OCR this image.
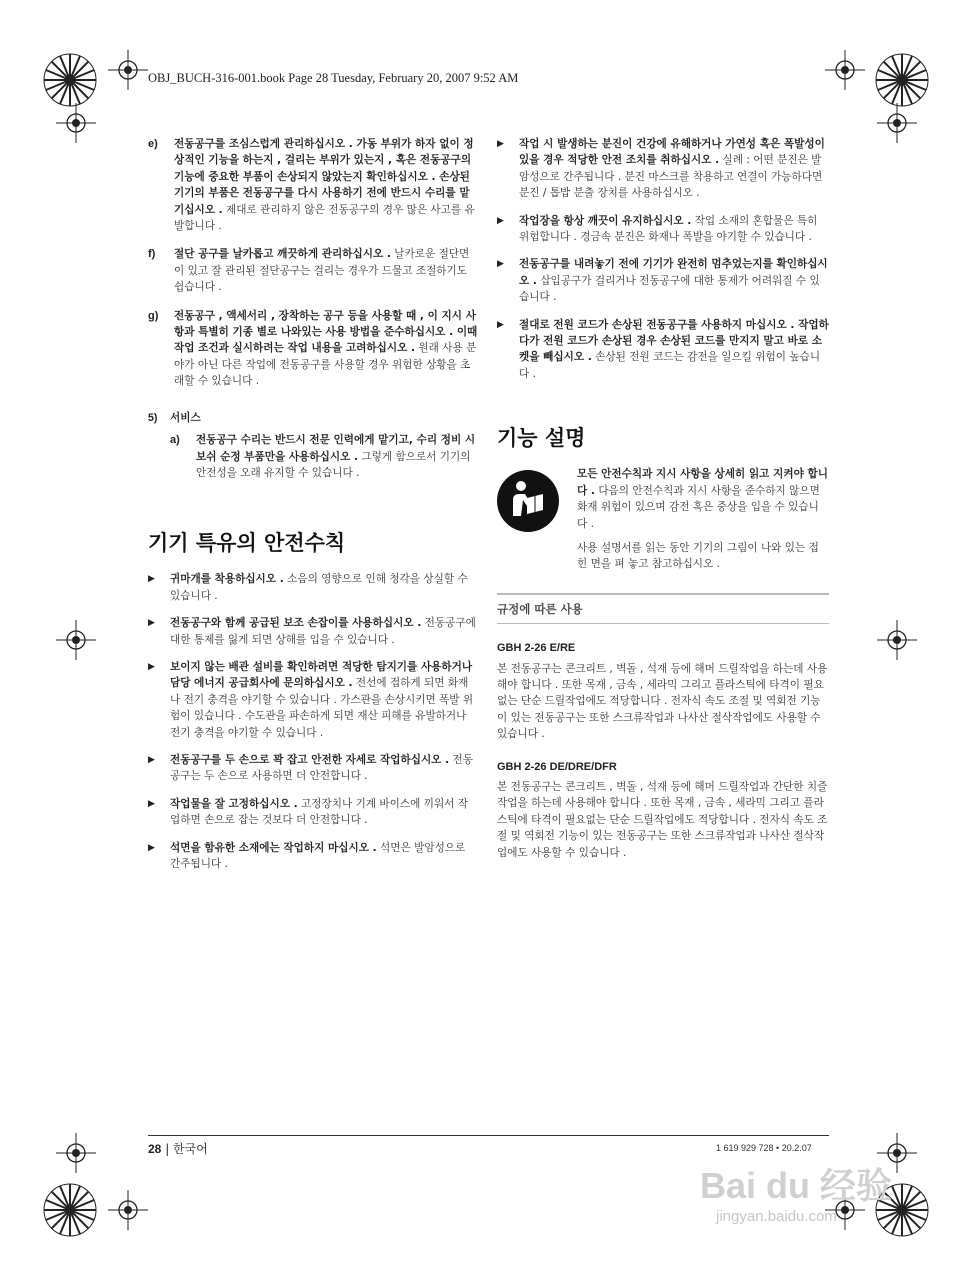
OBJ_BUCH-316-001.book Page 28 Tuesday, February 20, 2007 9:52 AM
e) 전동공구를 조심스럽게 관리하십시오 . 가동 부위가 하자 없이 정상적인 기능을 하는지 , 걸리는 부위가 있는지 , 혹은 전동공구의 기능에 중요한 부품이 손상되지 않았는지 확인하십시오 . 손상된 기기의 부품은 전동공구를 다시 사용하기 전에 반드시 수리를 맡기십시오 . 제대로 관리하지 않은 전동공구의 경우 많은 사고를 유발합니다 .
f) 절단 공구를 날카롭고 깨끗하게 관리하십시오 . 날카로운 절단면이 있고 잘 관리된 절단공구는 걸리는 경우가 드물고 조절하기도 쉽습니다 .
g) 전동공구 , 액세서리 , 장착하는 공구 등을 사용할 때 , 이 지시 사항과 특별히 기종 별로 나와있는 사용 방법을 준수하십시오 . 이때 작업 조건과 실시하려는 작업 내용을 고려하십시오 . 원래 사용 분야가 아닌 다른 작업에 전동공구를 사용할 경우 위험한 상황을 초래할 수 있습니다 .
5) 서비스
a) 전동공구 수리는 반드시 전문 인력에게 맡기고, 수리 정비 시 보쉬 순정 부품만을 사용하십시오 . 그렇게 함으로서 기기의 안전성을 오래 유지할 수 있습니다 .
기기 특유의 안전수칙
▶ 귀마개를 착용하십시오 . 소음의 영향으로 인해 청각을 상실할 수 있습니다 .
▶ 전동공구와 함께 공급된 보조 손잡이를 사용하십시오 . 전동공구에 대한 통제를 잃게 되면 상해를 입을 수 있습니다 .
▶ 보이지 않는 배관 설비를 확인하려면 적당한 탐지기를 사용하거나 담당 에너지 공급회사에 문의하십시오 . 전선에 접하게 되면 화재나 전기 충격을 야기할 수 있습니다 . 가스관을 손상시키면 폭발 위험이 있습니다 . 수도관을 파손하게 되면 재산 피해를 유발하거나 전기 충격을 야기할 수 있습니다 .
▶ 전동공구를 두 손으로 꽉 잡고 안전한 자세로 작업하십시오 . 전동공구는 두 손으로 사용하면 더 안전합니다 .
▶ 작업물을 잘 고정하십시오 . 고정장치나 기계 바이스에 끼워서 작업하면 손으로 잡는 것보다 더 안전합니다 .
▶ 석면을 함유한 소재에는 작업하지 마십시오 . 석면은 발암성으로 간주됩니다 .
▶ 작업 시 발생하는 분진이 건강에 유해하거나 가연성 혹은 폭발성이 있을 경우 적당한 안전 조치를 취하십시오 . 실례 : 어떤 분진은 발암성으로 간주됩니다 . 분진 마스크를 착용하고 연결이 가능하다면 분진 / 톱밥 분출 장치를 사용하십시오 .
▶ 작업장을 항상 깨끗이 유지하십시오 . 작업 소재의 혼합물은 특히 위험합니다 . 경금속 분진은 화재나 폭발을 야기할 수 있습니다 .
▶ 전동공구를 내려놓기 전에 기기가 완전히 멈추었는지를 확인하십시오 . 삽입공구가 걸리거나 전동공구에 대한 통제가 어려워질 수 있습니다 .
▶ 절대로 전원 코드가 손상된 전동공구를 사용하지 마십시오 . 작업하다가 전원 코드가 손상된 경우 손상된 코드를 만지지 말고 바로 소켓을 빼십시오 . 손상된 전원 코드는 감전을 일으킬 위험이 높습니다 .
기능 설명
모든 안전수칙과 지시 사항을 상세히 읽고 지켜야 합니다 . 다음의 안전수칙과 지시 사항을 준수하지 않으면 화재 위험이 있으며 감전 혹은 중상을 입을 수 있습니다 .
사용 설명서를 읽는 동안 기기의 그림이 나와 있는 접힌 면을 펴 놓고 참고하십시오 .
규정에 따른 사용
GBH 2-26 E/RE
본 전동공구는 콘크리트 , 벽돌 , 석재 등에 해머 드릴작업을 하는데 사용해야 합니다 . 또한 목재 , 금속 , 세라믹 그리고 플라스틱에 타격이 필요없는 단순 드릴작업에도 적당합니다 . 전자식 속도 조절 및 역회전 기능이 있는 전동공구는 또한 스크류작업과 나사산 절삭작업에도 사용할 수 있습니다 .
GBH 2-26 DE/DRE/DFR
본 전동공구는 콘크리트 , 벽돌 , 석재 등에 해머 드릴작업과 간단한 치즐작업을 하는데 사용해야 합니다 . 또한 목재 , 금속 , 세라믹 그리고 플라스틱에 타격이 필요없는 단순 드릴작업에도 적당합니다 . 전자식 속도 조절 및 역회전 기능이 있는 전동공구는 또한 스크류작업과 나사산 절삭작업에도 사용할 수 있습니다 .
28 | 한국어	1 619 929 728 • 20.2.07
Bai du 经验
jingyan.baidu.com
